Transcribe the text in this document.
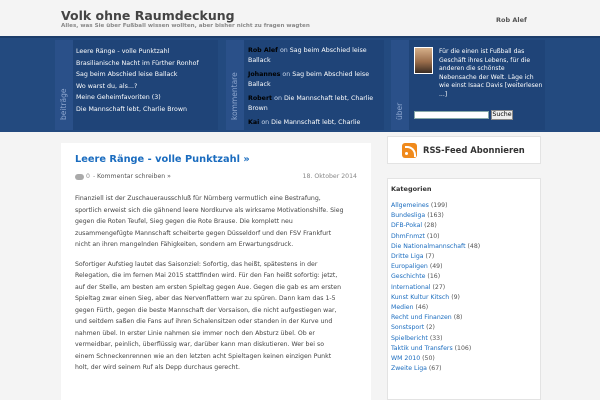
Volk ohne Raumdeckung
Alles, was Sie über Fußball wissen wollten, aber bisher nicht zu fragen wagten
Rob Alef
beiträge
Leere Ränge - volle Punktzahl
Brasilianische Nacht im Fürther Ronhof
Sag beim Abschied leise Ballack
Wo warst du, als...?
Meine Geheimfavoriten (3)
Die Mannschaft lebt, Charlie Brown	kommentare
Rob Alef on Sag beim Abschied leise Ballack
Johannes on Sag beim Abschied leise Ballack
Robert on Die Mannschaft lebt, Charlie Brown
Kai on Die Mannschaft lebt, Charlie
über
Für die einen ist Fußball das Geschäft ihres Lebens, für die anderen die schönste Nebensache der Welt. Läge ich wie einst Isaac Davis [weiterlesen ...]
Suche
Leere Ränge - volle Punktzahl »
0 - Kommentar schreiben »	18. Oktober 2014

Finanziell ist der Zuschauerausschluß für Nürnberg vermutlich eine Bestrafung, sportlich erweist sich die gähnend leere Nordkurve als wirksame Motivationshilfe. Sieg gegen die Roten Teufel, Sieg gegen die Rote Brause. Die komplett neu zusammengefügte Mannschaft scheiterte gegen Düsseldorf und den FSV Frankfurt nicht an ihren mangelnden Fähigkeiten, sondern am Erwartungsdruck.

Sofortiger Aufstieg lautet das Saisonziel: Sofortig, das heißt, spätestens in der Relegation, die im fernen Mai 2015 stattfinden wird. Für den Fan heißt sofortig: jetzt, auf der Stelle, am besten am ersten Spieltag gegen Aue. Gegen die gab es am ersten Spieltag zwar einen Sieg, aber das Nervenflattern war zu spüren. Dann kam das 1-5 gegen Fürth, gegen die beste Mannschaft der Vorsaison, die nicht aufgestiegen war, und seitdem saßen die Fans auf ihren Schalensitzen oder standen in der Kurve und nahmen übel. In erster Linie nahmen sie immer noch den Absturz übel. Ob er vermeidbar, peinlich, überflüssig war, darüber kann man diskutieren. Wer bei so einem Schneckenrennen wie an den letzten acht Spieltagen keinen einzigen Punkt holt, der wird seinem Ruf als Depp durchaus gerecht.

RSS-Feed Abonnieren
Kategorien
Allgemeines (199)
Bundesliga (163)
DFB-Pokal (28)
DhmFnmzt (10)
Die Nationalmannschaft (48)
Dritte Liga (7)
Europaligen (49)
Geschichte (16)
International (27)
Kunst Kultur Kitsch (9)
Medien (46)
Recht und Finanzen (8)
Sonstsport (2)
Spielbericht (33)
Taktik und Transfers (106)
WM 2010 (50)
Zweite Liga (67)
